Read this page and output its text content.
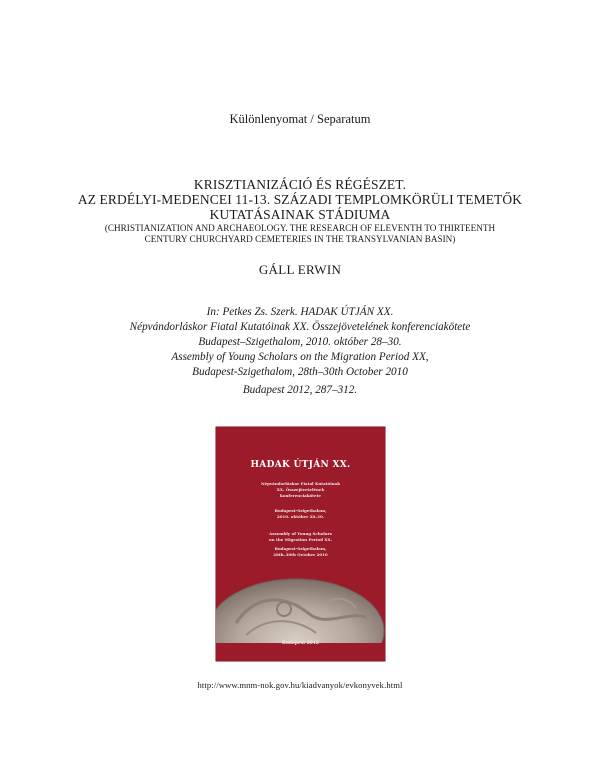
Különlenyomat / Separatum

KRISZTIANIZÁCIÓ ÉS RÉGÉSZET.
AZ ERDÉLYI-MEDENCEI 11-13. SZÁZADI TEMPLOMKÖRÜLI TEMETŐK
KUTATÁSAINAK STÁDIUMA
(CHRISTIANIZATION AND ARCHAEOLOGY. THE RESEARCH OF ELEVENTH TO THIRTEENTH
CENTURY CHURCHYARD CEMETERIES IN THE TRANSYLVANIAN BASIN)

GÁLL ERWIN

In: Petkes Zs. Szerk. HADAK ÚTJÁN XX.
Népvándorláskor Fiatal Kutatóinak XX. Összejövetelének konferenciakötete
Budapest–Szigethalom, 2010. október 28–30.
Assembly of Young Scholars on the Migration Period XX,
Budapest-Szigethalom, 28th–30th October 2010

Budapest 2012, 287–312.

HADAK ÚTJÁN XX.
Népvándorláskor Fiatal Kutatóinak
XX. Összejövetelének
konferenciakötete
Budapest-Szigethalom,
2010. október 28–30.
Assembly of Young Scholars
on the Migration Period XX.
Budapest-Szigethalom,
28th–30th October 2010
Budapest 2012

http://www.mnm-nok.gov.hu/kiadvanyok/evkonyvek.html
